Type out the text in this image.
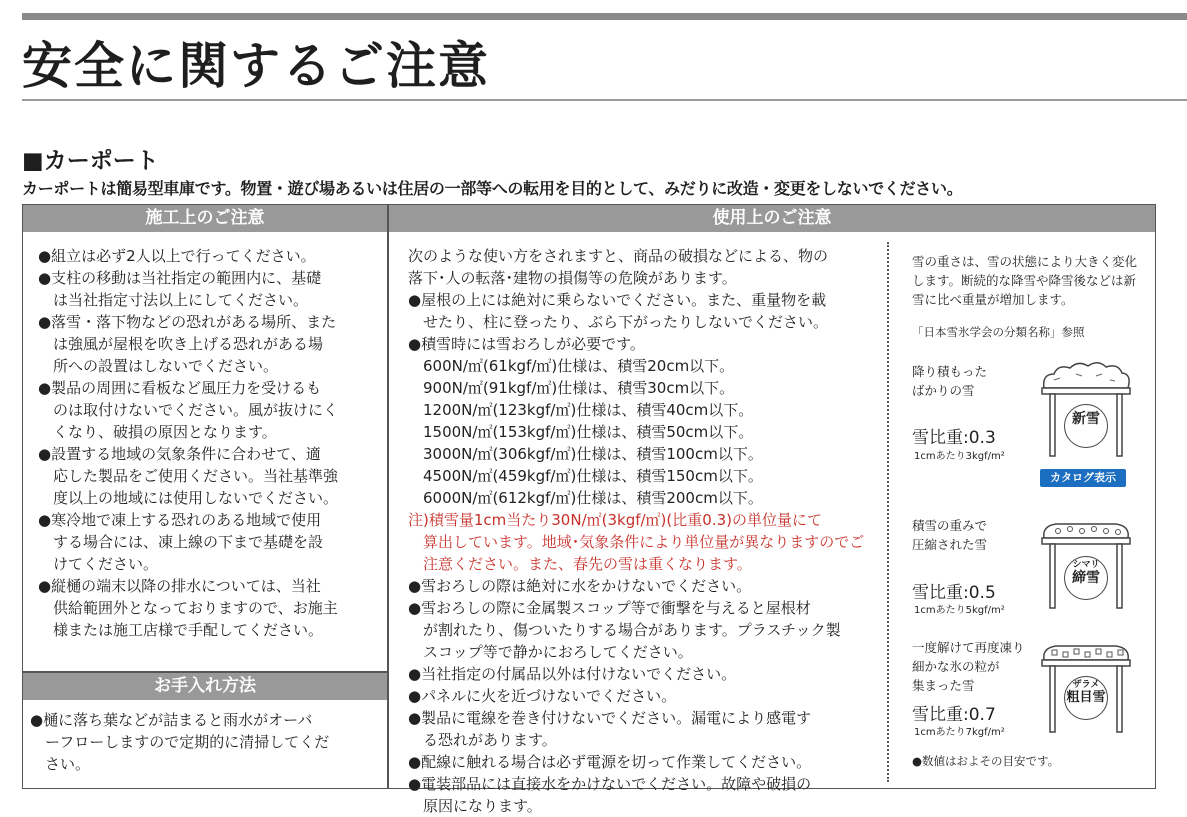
安全に関するご注意
■カーポート
カーポートは簡易型車庫です。物置・遊び場あるいは住居の一部等への転用を目的として、みだりに改造・変更をしないでください。
施工上のご注意	使用上のご注意
お手入れ方法

●組立は必ず2人以上で行ってください。

●支柱の移動は当社指定の範囲内に、基礎

　は当社指定寸法以上にしてください。

●落雪・落下物などの恐れがある場所、また

　は強風が屋根を吹き上げる恐れがある場

　所への設置はしないでください。

●製品の周囲に看板など風圧力を受けるも

　のは取付けないでください。風が抜けにく

　くなり、破損の原因となります。

●設置する地域の気象条件に合わせて、適

　応した製品をご使用ください。当社基準強

　度以上の地域には使用しないでください。

●寒冷地で凍上する恐れのある地域で使用

　する場合には、凍上線の下まで基礎を設

　けてください。

●縦樋の端末以降の排水については、当社

　供給範囲外となっておりますので、お施主

　様または施工店様で手配してください。

●樋に落ち葉などが詰まると雨水がオーバ

　ーフローしますので定期的に清掃してくだ

　さい。

次のような使い方をされますと、商品の破損などによる、物の

落下･人の転落･建物の損傷等の危険があります。

●屋根の上には絶対に乗らないでください。また、重量物を載

　せたり、柱に登ったり、ぶら下がったりしないでください。

●積雪時には雪おろしが必要です。

　600N/㎡(61kgf/㎡)仕様は、積雪20cm以下。

　900N/㎡(91kgf/㎡)仕様は、積雪30cm以下。

　1200N/㎡(123kgf/㎡)仕様は、積雪40cm以下。

　1500N/㎡(153kgf/㎡)仕様は、積雪50cm以下。

　3000N/㎡(306kgf/㎡)仕様は、積雪100cm以下。

　4500N/㎡(459kgf/㎡)仕様は、積雪150cm以下。

　6000N/㎡(612kgf/㎡)仕様は、積雪200cm以下。

注)積雪量1cm当たり30N/㎡(3kgf/㎡)(比重0.3)の単位量にて

　算出しています。地域･気象条件により単位量が異なりますのでご

　注意ください。また、春先の雪は重くなります。

●雪おろしの際は絶対に水をかけないでください。

●雪おろしの際に金属製スコップ等で衝撃を与えると屋根材

　が割れたり、傷ついたりする場合があります。プラスチック製

　スコップ等で静かにおろしてください。

●当社指定の付属品以外は付けないでください。

●パネルに火を近づけないでください。

●製品に電線を巻き付けないでください。漏電により感電す

　る恐れがあります。

●配線に触れる場合は必ず電源を切って作業してください。

●電装部品には直接水をかけないでください。故障や破損の

　原因になります。

雪の重さは、雪の状態により大きく変化

します。断続的な降雪や降雪後などは新

雪に比べ重量が増加します。

「日本雪氷学会の分類名称」参照

降り積もった

ばかりの雪

新雪
雪比重:0.3
1cmあたり3kgf/m²
カタログ表示

積雪の重みで

圧縮された雪

シマリ
締雪
雪比重:0.5
1cmあたり5kgf/m²

一度解けて再度凍り

細かな氷の粒が

集まった雪	ザラメ
粗目雪
雪比重:0.7
1cmあたり7kgf/m²
●数値はおよその目安です。
